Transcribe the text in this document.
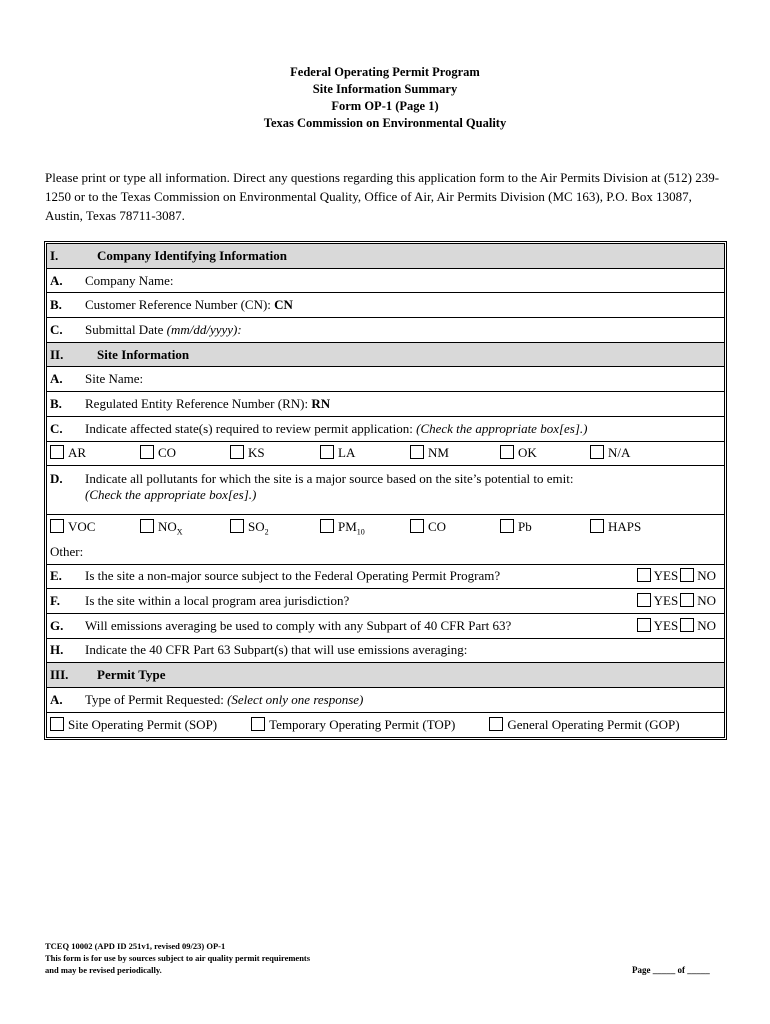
Federal Operating Permit Program
Site Information Summary
Form OP-1 (Page 1)
Texas Commission on Environmental Quality
Please print or type all information. Direct any questions regarding this application form to the Air Permits Division at (512) 239-1250 or to the Texas Commission on Environmental Quality, Office of Air, Air Permits Division (MC 163), P.O. Box 13087, Austin, Texas 78711-3087.
I.	Company Identifying Information
A.	Company Name:
B.	Customer Reference Number (CN): CN
C.	Submittal Date (mm/dd/yyyy):
II.	Site Information
A.	Site Name:
B.	Regulated Entity Reference Number (RN): RN
C.	Indicate affected state(s) required to review permit application: (Check the appropriate box[es].)
AR	CO	KS	LA	NM	OK	N/A
D.	Indicate all pollutants for which the site is a major source based on the site’s potential to emit:
(Check the appropriate box[es].)
VOC	$NO_X$	$SO_2$	$PM_{10}$	CO	Pb	HAPS
Other:
E.	Is the site a non-major source subject to the Federal Operating Permit Program?	YES NO
F.	Is the site within a local program area jurisdiction?	YES NO
G.	Will emissions averaging be used to comply with any Subpart of 40 CFR Part 63?	YES NO
H.	Indicate the 40 CFR Part 63 Subpart(s) that will use emissions averaging:
III.	Permit Type
A.	Type of Permit Requested: (Select only one response)
Site Operating Permit (SOP)	Temporary Operating Permit (TOP)	General Operating Permit (GOP)
TCEQ 10002 (APD ID 251v1, revised 09/23) OP-1
This form is for use by sources subject to air quality permit requirements
and may be revised periodically.	Page _____ of _____
